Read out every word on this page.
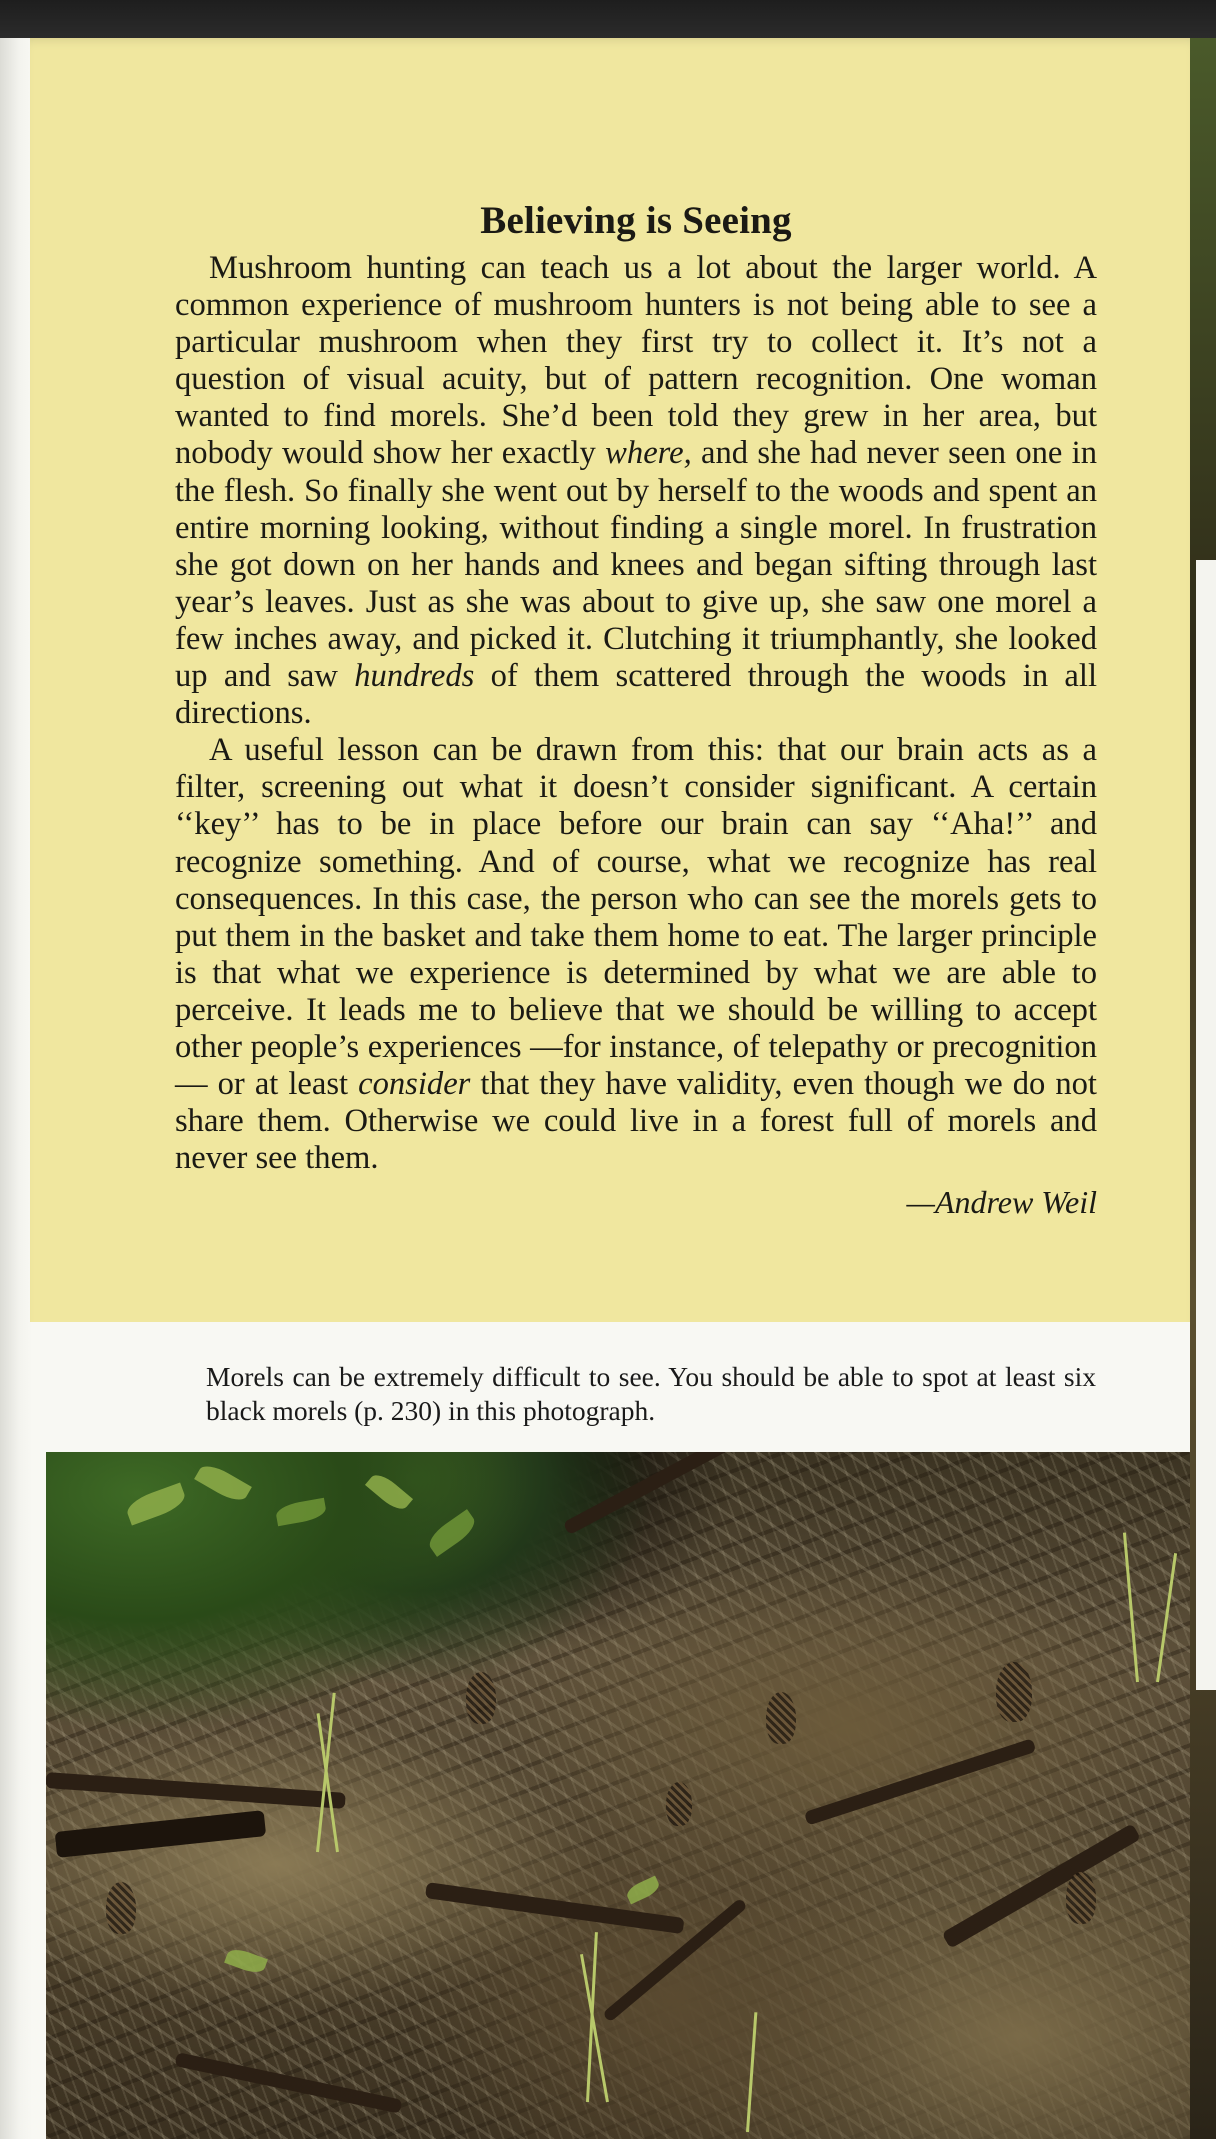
Believing is Seeing

Mushroom hunting can teach us a lot about the larger world. A common experience of mushroom hunters is not being able to see a particular mushroom when they first try to collect it. It’s not a question of visual acuity, but of pattern recognition. One woman wanted to find morels. She’d been told they grew in her area, but nobody would show her exactly where, and she had never seen one in the flesh. So finally she went out by herself to the woods and spent an entire morning looking, without finding a single morel. In frustration she got down on her hands and knees and began sifting through last year’s leaves. Just as she was about to give up, she saw one morel a few inches away, and picked it. Clutching it triumphantly, she looked up and saw hundreds of them scattered through the woods in all directions.

A useful lesson can be drawn from this: that our brain acts as a filter, screening out what it doesn’t consider significant. A certain ‘‘key’’ has to be in place before our brain can say ‘‘Aha!’’ and recognize something. And of course, what we recognize has real consequences. In this case, the person who can see the morels gets to put them in the basket and take them home to eat. The larger principle is that what we experience is determined by what we are able to perceive. It leads me to believe that we should be willing to accept other people’s experiences —for instance, of telepathy or precognition — or at least consider that they have validity, even though we do not share them. Otherwise we could live in a forest full of morels and never see them.

—Andrew Weil
Morels can be extremely difficult to see. You should be able to spot at least six black morels (p. 230) in this photograph.
